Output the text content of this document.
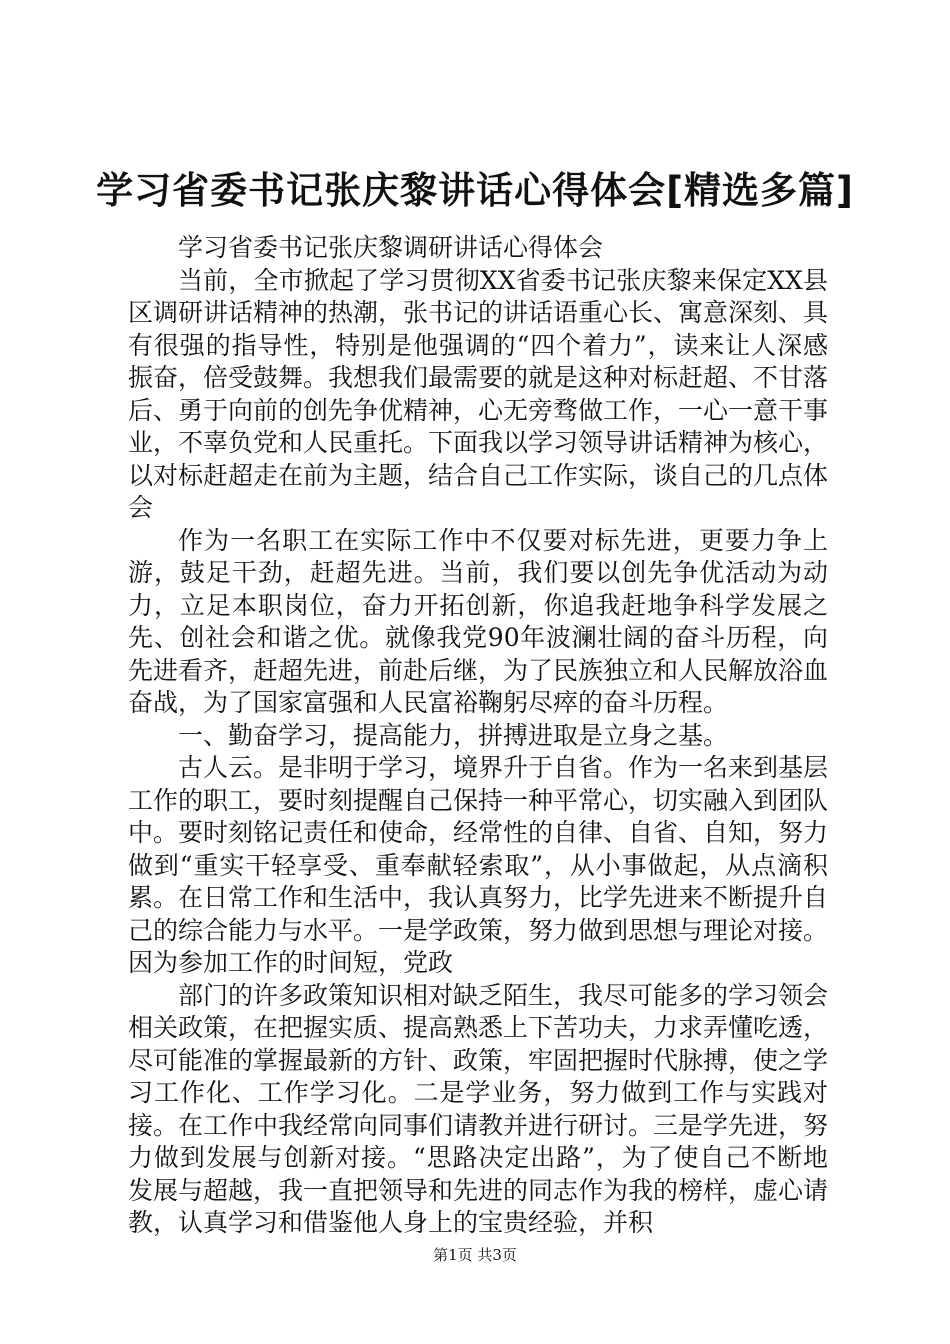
学习省委书记张庆黎讲话心得体会[精选多篇]

学习省委书记张庆黎调研讲话心得体会

当前，全市掀起了学习贯彻XX省委书记张庆黎来保定XX县区调研讲话精神的热潮，张书记的讲话语重心长、寓意深刻、具有很强的指导性，特别是他强调的“四个着力”，读来让人深感振奋，倍受鼓舞。我想我们最需要的就是这种对标赶超、不甘落后、勇于向前的创先争优精神，心无旁骛做工作，一心一意干事业，不辜负党和人民重托。下面我以学习领导讲话精神为核心，以对标赶超走在前为主题，结合自己工作实际，谈自己的几点体会

作为一名职工在实际工作中不仅要对标先进，更要力争上游，鼓足干劲，赶超先进。当前，我们要以创先争优活动为动力，立足本职岗位，奋力开拓创新，你追我赶地争科学发展之先、创社会和谐之优。就像我党90年波澜壮阔的奋斗历程，向先进看齐，赶超先进，前赴后继，为了民族独立和人民解放浴血奋战，为了国家富强和人民富裕鞠躬尽瘁的奋斗历程。

一、勤奋学习，提高能力，拼搏进取是立身之基。

古人云。是非明于学习，境界升于自省。作为一名来到基层工作的职工，要时刻提醒自己保持一种平常心，切实融入到团队中。要时刻铭记责任和使命，经常性的自律、自省、自知，努力做到“重实干轻享受、重奉献轻索取”，从小事做起，从点滴积累。在日常工作和生活中，我认真努力，比学先进来不断提升自己的综合能力与水平。一是学政策，努力做到思想与理论对接。因为参加工作的时间短，党政

部门的许多政策知识相对缺乏陌生，我尽可能多的学习领会相关政策，在把握实质、提高熟悉上下苦功夫，力求弄懂吃透，尽可能准的掌握最新的方针、政策，牢固把握时代脉搏，使之学习工作化、工作学习化。二是学业务，努力做到工作与实践对接。在工作中我经常向同事们请教并进行研讨。三是学先进，努力做到发展与创新对接。“思路决定出路”，为了使自己不断地发展与超越，我一直把领导和先进的同志作为我的榜样，虚心请教，认真学习和借鉴他人身上的宝贵经验，并积

第1页 共3页
